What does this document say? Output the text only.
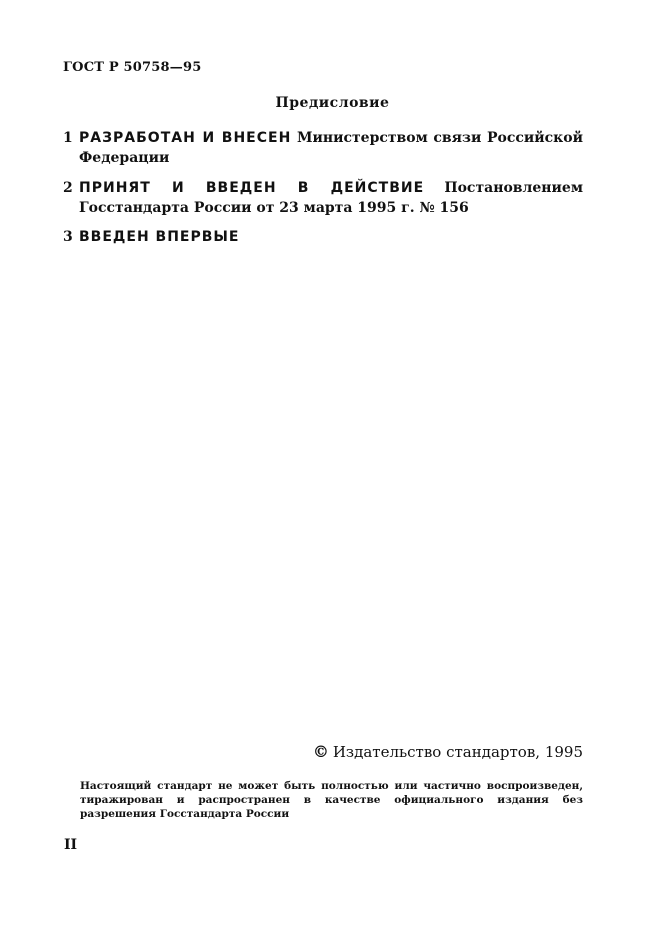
ГОСТ Р 50758—95
Предисловие
1 РАЗРАБОТАН И ВНЕСЕН Министерством связи Российской Федерации
2 ПРИНЯТ И ВВЕДЕН В ДЕЙСТВИЕ Постановлением Госстандарта России от 23 марта 1995 г. № 156
3 ВВЕДЕН ВПЕРВЫЕ
© Издательство стандартов, 1995
Настоящий стандарт не может быть полностью или частично воспроизведен, тиражирован и распространен в качестве официального издания без разрешения Госстандарта России
II
